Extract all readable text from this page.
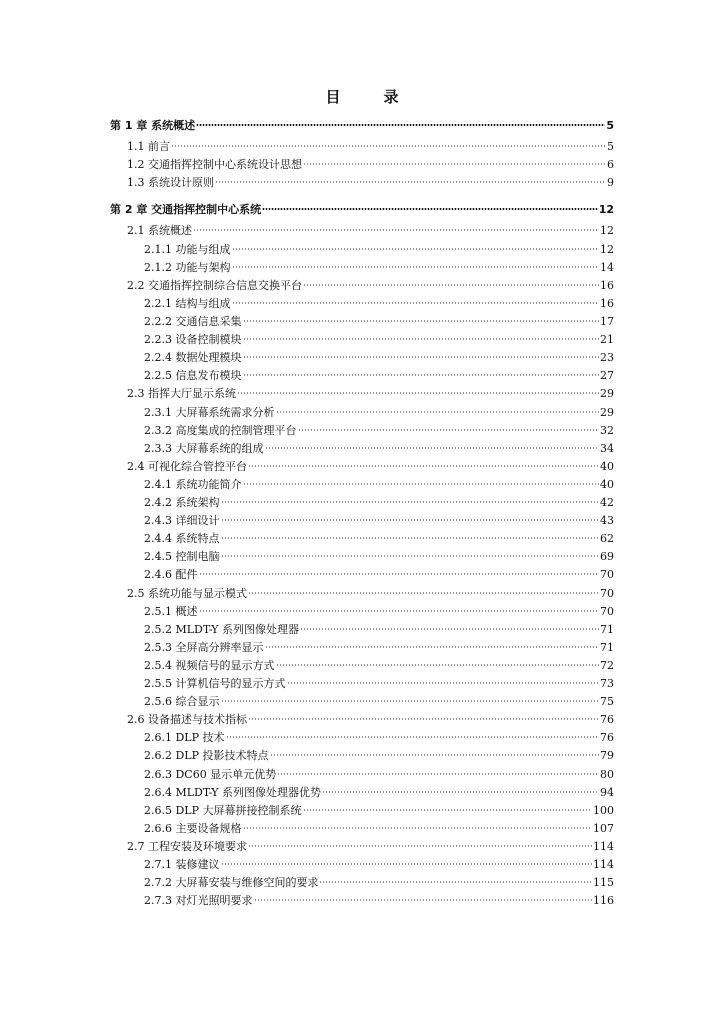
目　录
第 1 章 系统概述	5
1.1 前言	5
1.2 交通指挥控制中心系统设计思想	6
1.3 系统设计原则	9
第 2 章 交通指挥控制中心系统	12
2.1 系统概述	12
2.1.1 功能与组成	12
2.1.2 功能与架构	14
2.2 交通指挥控制综合信息交换平台	16
2.2.1 结构与组成	16
2.2.2 交通信息采集	17
2.2.3 设备控制模块	21
2.2.4 数据处理模块	23
2.2.5 信息发布模块	27
2.3 指挥大厅显示系统	29
2.3.1 大屏幕系统需求分析	29
2.3.2 高度集成的控制管理平台	32
2.3.3 大屏幕系统的组成	34
2.4 可视化综合管控平台	40
2.4.1 系统功能简介	40
2.4.2 系统架构	42
2.4.3 详细设计	43
2.4.4 系统特点	62
2.4.5 控制电脑	69
2.4.6 配件	70
2.5 系统功能与显示模式	70
2.5.1 概述	70
2.5.2 MLDT-Y 系列图像处理器	71
2.5.3 全屏高分辨率显示	71
2.5.4 视频信号的显示方式	72
2.5.5 计算机信号的显示方式	73
2.5.6 综合显示	75
2.6 设备描述与技术指标	76
2.6.1 DLP 技术	76
2.6.2 DLP 投影技术特点	79
2.6.3 DC60 显示单元优势	80
2.6.4 MLDT-Y 系列图像处理器优势	94
2.6.5 DLP 大屏幕拼接控制系统	100
2.6.6 主要设备规格	107
2.7 工程安装及环境要求	114
2.7.1 装修建议	114
2.7.2 大屏幕安装与维修空间的要求	115
2.7.3 对灯光照明要求	116
